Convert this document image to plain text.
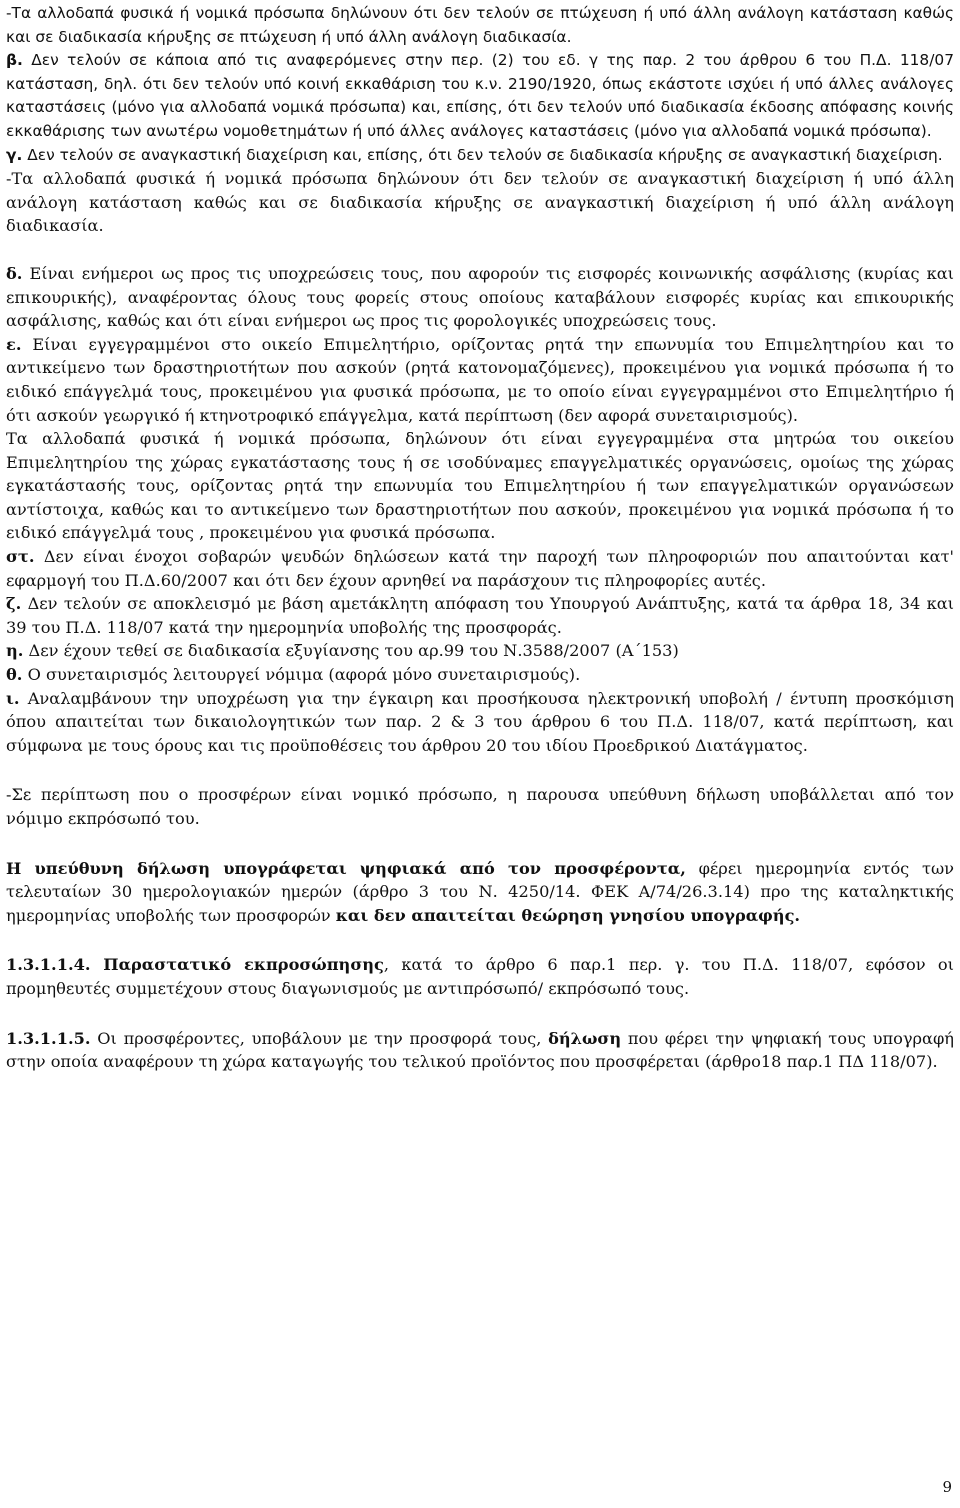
-Τα αλλοδαπά φυσικά ή νομικά πρόσωπα δηλώνουν ότι δεν τελούν σε πτώχευση ή υπό άλλη ανάλογη κατάσταση καθώς και σε διαδικασία κήρυξης σε πτώχευση ή υπό άλλη ανάλογη διαδικασία.

β. Δεν τελούν σε κάποια από τις αναφερόμενες στην περ. (2) του εδ. γ της παρ. 2 του άρθρου 6 του Π.Δ. 118/07 κατάσταση, δηλ. ότι δεν τελούν υπό κοινή εκκαθάριση του κ.ν. 2190/1920, όπως εκάστοτε ισχύει ή υπό άλλες ανάλογες καταστάσεις (μόνο για αλλοδαπά νομικά πρόσωπα) και, επίσης, ότι δεν τελούν υπό διαδικασία έκδοσης απόφασης κοινής εκκαθάρισης των ανωτέρω νομοθετημάτων ή υπό άλλες ανάλογες καταστάσεις (μόνο για αλλοδαπά νομικά πρόσωπα).

γ. Δεν τελούν σε αναγκαστική διαχείριση και, επίσης, ότι δεν τελούν σε διαδικασία κήρυξης σε αναγκαστική διαχείριση.

-Τα αλλοδαπά φυσικά ή νομικά πρόσωπα δηλώνουν ότι δεν τελούν σε αναγκαστική διαχείριση ή υπό άλλη ανάλογη κατάσταση καθώς και σε διαδικασία κήρυξης σε αναγκαστική διαχείριση ή υπό άλλη ανάλογη διαδικασία.

δ. Είναι ενήμεροι ως προς τις υποχρεώσεις τους, που αφορούν τις εισφορές κοινωνικής ασφάλισης (κυρίας και επικουρικής), αναφέροντας όλους τους φορείς στους οποίους καταβάλουν εισφορές κυρίας και επικουρικής ασφάλισης, καθώς και ότι είναι ενήμεροι ως προς τις φορολογικές υποχρεώσεις τους.

ε. Είναι εγγεγραμμένοι στο οικείο Επιμελητήριο, ορίζοντας ρητά την επωνυμία του Επιμελητηρίου και το αντικείμενο των δραστηριοτήτων που ασκούν (ρητά κατονομαζόμενες), προκειμένου για νομικά πρόσωπα ή το ειδικό επάγγελμά τους, προκειμένου για φυσικά πρόσωπα, με το οποίο είναι εγγεγραμμένοι στο Επιμελητήριο ή ότι ασκούν γεωργικό ή κτηνοτροφικό επάγγελμα, κατά περίπτωση (δεν αφορά συνεταιρισμούς).

Τα αλλοδαπά φυσικά ή νομικά πρόσωπα, δηλώνουν ότι είναι εγγεγραμμένα στα μητρώα του οικείου Επιμελητηρίου της χώρας εγκατάστασης τους ή σε ισοδύναμες επαγγελματικές οργανώσεις, ομοίως της χώρας εγκατάστασής τους, ορίζοντας ρητά την επωνυμία του Επιμελητηρίου ή των επαγγελματικών οργανώσεων αντίστοιχα, καθώς και το αντικείμενο των δραστηριοτήτων που ασκούν, προκειμένου για νομικά πρόσωπα ή το ειδικό επάγγελμά τους , προκειμένου για φυσικά πρόσωπα.

στ. Δεν είναι ένοχοι σοβαρών ψευδών δηλώσεων κατά την παροχή των πληροφοριών που απαιτούνται κατ' εφαρμογή του Π.Δ.60/2007 και ότι δεν έχουν αρνηθεί να παράσχουν τις πληροφορίες αυτές.

ζ. Δεν τελούν σε αποκλεισμό με βάση αμετάκλητη απόφαση του Υπουργού Ανάπτυξης, κατά τα άρθρα 18, 34 και 39 του Π.Δ. 118/07 κατά την ημερομηνία υποβολής της προσφοράς.

η. Δεν έχουν τεθεί σε διαδικασία εξυγίανσης του αρ.99 του Ν.3588/2007 (Α΄153)

θ. Ο συνεταιρισμός λειτουργεί νόμιμα (αφορά μόνο συνεταιρισμούς).

ι. Αναλαμβάνουν την υποχρέωση για την έγκαιρη και προσήκουσα ηλεκτρονική υποβολή / έντυπη προσκόμιση όπου απαιτείται των δικαιολογητικών των παρ. 2 & 3 του άρθρου 6 του Π.Δ. 118/07, κατά περίπτωση, και σύμφωνα με τους όρους και τις προϋποθέσεις του άρθρου 20 του ιδίου Προεδρικού Διατάγματος.

-Σε περίπτωση που ο προσφέρων είναι νομικό πρόσωπο, η παρουσα υπεύθυνη δήλωση υποβάλλεται από τον νόμιμο εκπρόσωπό του.

Η υπεύθυνη δήλωση υπογράφεται ψηφιακά από τον προσφέροντα, φέρει ημερομηνία εντός των τελευταίων 30 ημερολογιακών ημερών (άρθρο 3 του Ν. 4250/14. ΦΕΚ Α/74/26.3.14) προ της καταληκτικής ημερομηνίας υποβολής των προσφορών και δεν απαιτείται θεώρηση γνησίου υπογραφής.

1.3.1.1.4. Παραστατικό εκπροσώπησης, κατά το άρθρο 6 παρ.1 περ. γ. του Π.Δ. 118/07, εφόσον οι προμηθευτές συμμετέχουν στους διαγωνισμούς με αντιπρόσωπό/ εκπρόσωπό τους.

1.3.1.1.5. Οι προσφέροντες, υποβάλουν με την προσφορά τους, δήλωση που φέρει την ψηφιακή τους υπογραφή στην οποία αναφέρουν τη χώρα καταγωγής του τελικού προϊόντος που προσφέρεται (άρθρο18 παρ.1 ΠΔ 118/07).

9
